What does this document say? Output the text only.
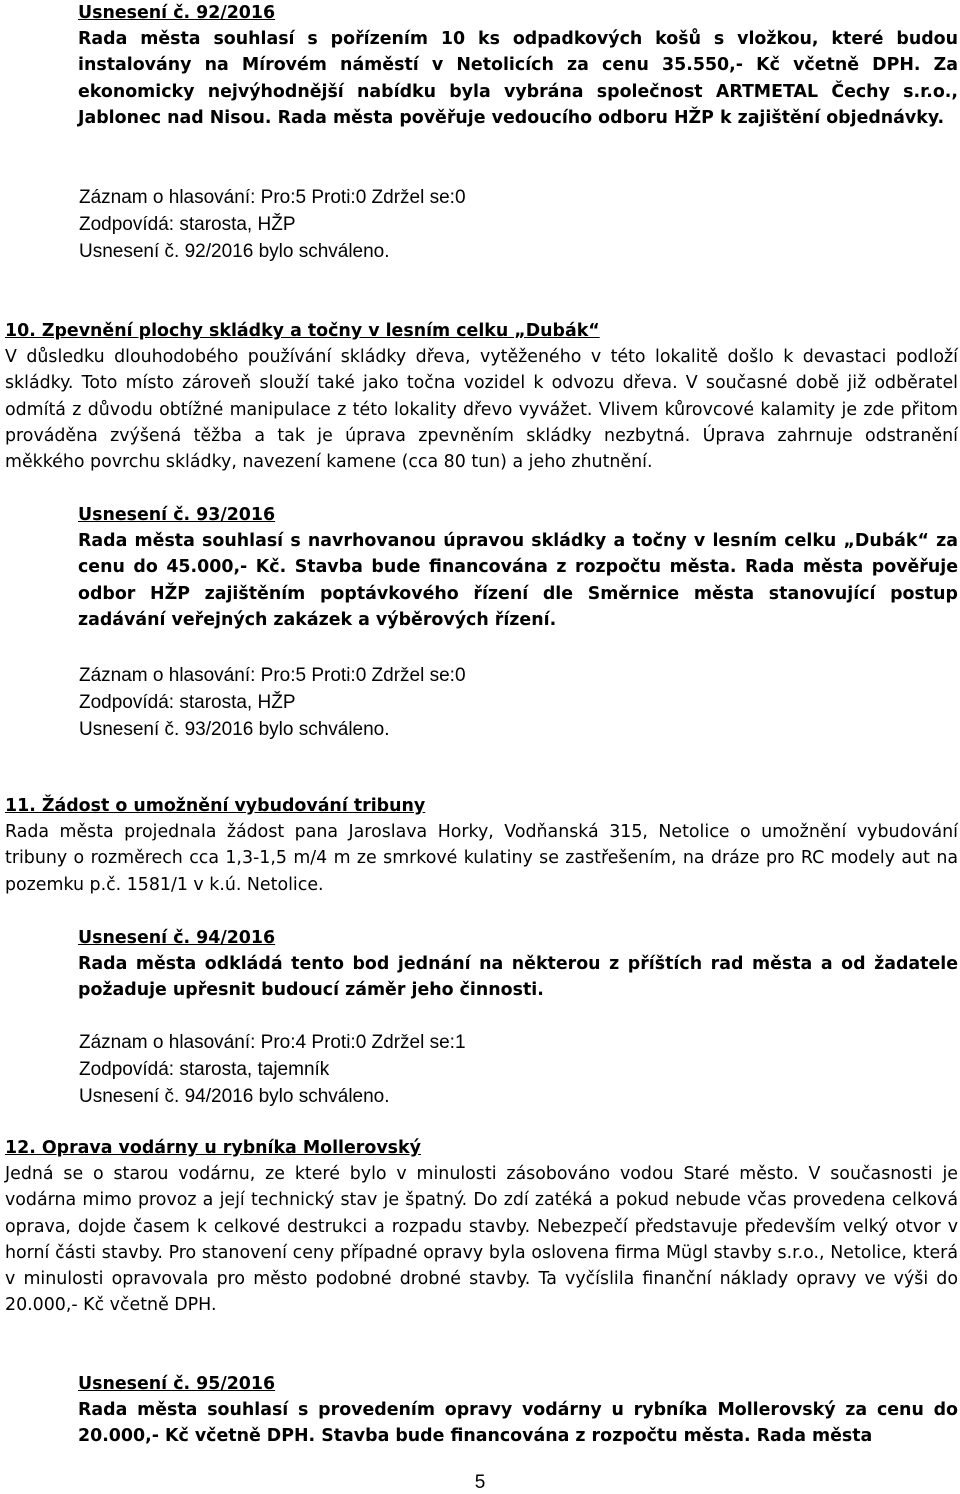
Usnesení č. 92/2016

Rada města souhlasí s pořízením 10 ks odpadkových košů s vložkou, které budou instalovány na Mírovém náměstí v Netolicích za cenu 35.550,- Kč včetně DPH. Za ekonomicky nejvýhodnější nabídku byla vybrána společnost ARTMETAL Čechy s.r.o., Jablonec nad Nisou. Rada města pověřuje vedoucího odboru HŽP k zajištění objednávky.

Záznam o hlasování: Pro:5 Proti:0 Zdržel se:0

Zodpovídá: starosta, HŽP

Usnesení č. 92/2016 bylo schváleno.

10. Zpevnění plochy skládky a točny v lesním celku „Dubák“

V důsledku dlouhodobého používání skládky dřeva, vytěženého v této lokalitě došlo k devastaci podloží skládky. Toto místo zároveň slouží také jako točna vozidel k odvozu dřeva. V současné době již odběratel odmítá z důvodu obtížné manipulace z této lokality dřevo vyvážet. Vlivem kůrovcové kalamity je zde přitom prováděna zvýšená těžba a tak je úprava zpevněním skládky nezbytná. Úprava zahrnuje odstranění měkkého povrchu skládky, navezení kamene (cca 80 tun) a jeho zhutnění.

Usnesení č. 93/2016

Rada města souhlasí s navrhovanou úpravou skládky a točny v lesním celku „Dubák“ za cenu do 45.000,- Kč. Stavba bude financována z rozpočtu města. Rada města pověřuje odbor HŽP zajištěním poptávkového řízení dle Směrnice města stanovující postup zadávání veřejných zakázek a výběrových řízení.

Záznam o hlasování: Pro:5 Proti:0 Zdržel se:0

Zodpovídá: starosta, HŽP

Usnesení č. 93/2016 bylo schváleno.

11. Žádost o umožnění vybudování tribuny

Rada města projednala žádost pana Jaroslava Horky, Vodňanská 315, Netolice o umožnění vybudování tribuny o rozměrech cca 1,3-1,5 m/4 m ze smrkové kulatiny se zastřešením, na dráze pro RC modely aut na pozemku p.č. 1581/1 v k.ú. Netolice.

Usnesení č. 94/2016

Rada města odkládá tento bod jednání na některou z příštích rad města a od žadatele požaduje upřesnit budoucí záměr jeho činnosti.

Záznam o hlasování: Pro:4 Proti:0 Zdržel se:1

Zodpovídá: starosta, tajemník

Usnesení č. 94/2016 bylo schváleno.

12. Oprava vodárny u rybníka Mollerovský

Jedná se o starou vodárnu, ze které bylo v minulosti zásobováno vodou Staré město. V současnosti je vodárna mimo provoz a její technický stav je špatný. Do zdí zatéká a pokud nebude včas provedena celková oprava, dojde časem k celkové destrukci a rozpadu stavby. Nebezpečí představuje především velký otvor v horní části stavby. Pro stanovení ceny případné opravy byla oslovena firma Mügl stavby s.r.o., Netolice, která v minulosti opravovala pro město podobné drobné stavby. Ta vyčíslila finanční náklady opravy ve výši do 20.000,- Kč včetně DPH.

Usnesení č. 95/2016

Rada města souhlasí s provedením opravy vodárny u rybníka Mollerovský za cenu do 20.000,- Kč včetně DPH. Stavba bude financována z rozpočtu města. Rada města

5
